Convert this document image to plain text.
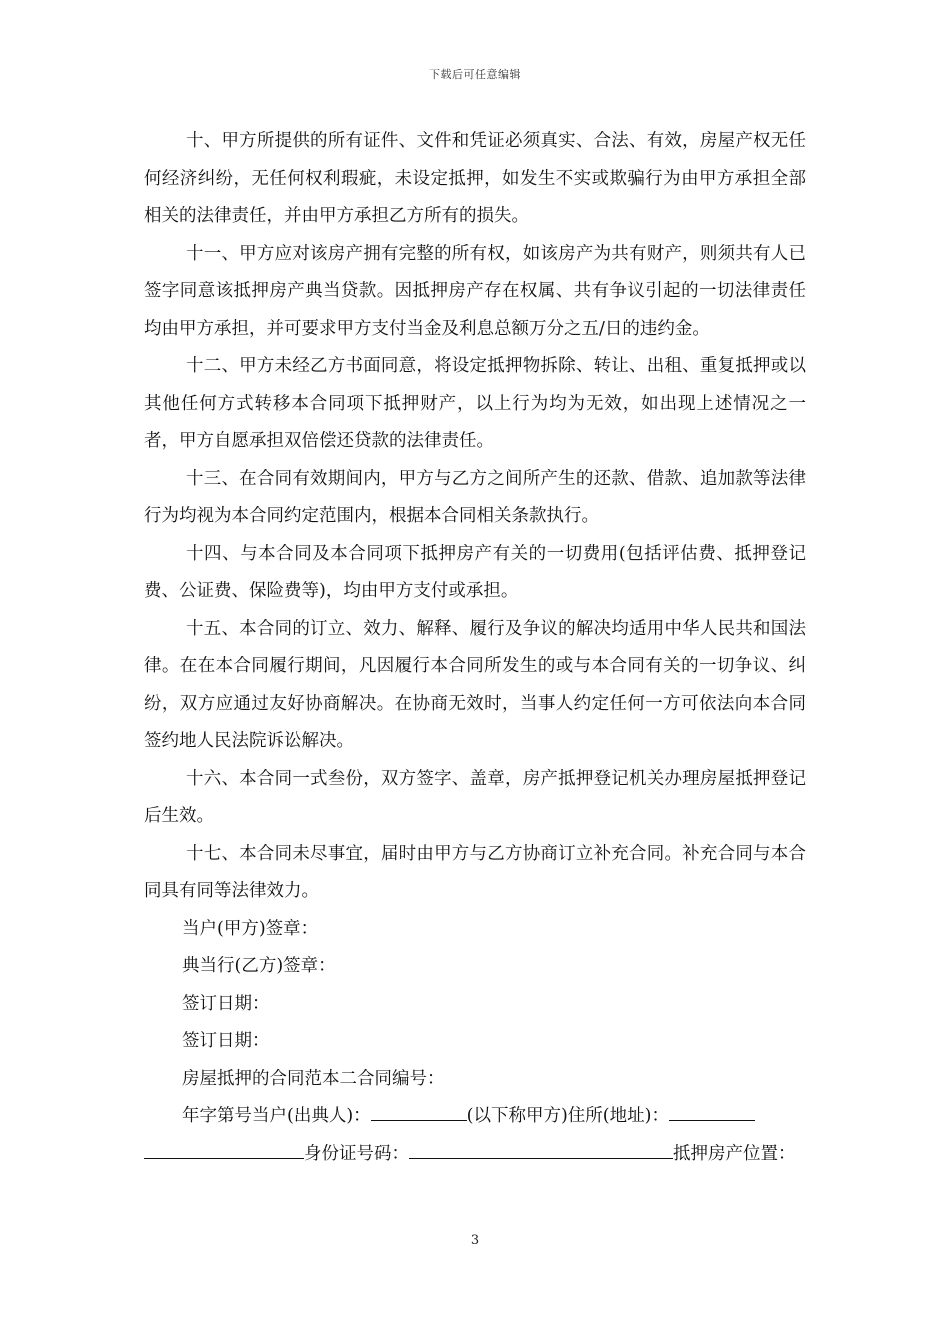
下载后可任意编辑

十、甲方所提供的所有证件、文件和凭证必须真实、合法、有效，房屋产权无任何经济纠纷，无任何权利瑕疵，未设定抵押，如发生不实或欺骗行为由甲方承担全部相关的法律责任，并由甲方承担乙方所有的损失。

十一、甲方应对该房产拥有完整的所有权，如该房产为共有财产，则须共有人已签字同意该抵押房产典当贷款。因抵押房产存在权属、共有争议引起的一切法律责任均由甲方承担，并可要求甲方支付当金及利息总额万分之五/日的违约金。

十二、甲方未经乙方书面同意，将设定抵押物拆除、转让、出租、重复抵押或以其他任何方式转移本合同项下抵押财产，以上行为均为无效，如出现上述情况之一者，甲方自愿承担双倍偿还贷款的法律责任。

十三、在合同有效期间内，甲方与乙方之间所产生的还款、借款、追加款等法律行为均视为本合同约定范围内，根据本合同相关条款执行。

十四、与本合同及本合同项下抵押房产有关的一切费用(包括评估费、抵押登记费、公证费、保险费等)，均由甲方支付或承担。

十五、本合同的订立、效力、解释、履行及争议的解决均适用中华人民共和国法律。在在本合同履行期间，凡因履行本合同所发生的或与本合同有关的一切争议、纠纷，双方应通过友好协商解决。在协商无效时，当事人约定任何一方可依法向本合同签约地人民法院诉讼解决。

十六、本合同一式叁份，双方签字、盖章，房产抵押登记机关办理房屋抵押登记后生效。

十七、本合同未尽事宜，届时由甲方与乙方协商订立补充合同。补充合同与本合同具有同等法律效力。

当户(甲方)签章：

典当行(乙方)签章：

签订日期：

签订日期：

房屋抵押的合同范本二合同编号：

年字第号当户(出典人)：	(以下称甲方)住所(地址)：

身份证号码：	抵押房产位置：

3
